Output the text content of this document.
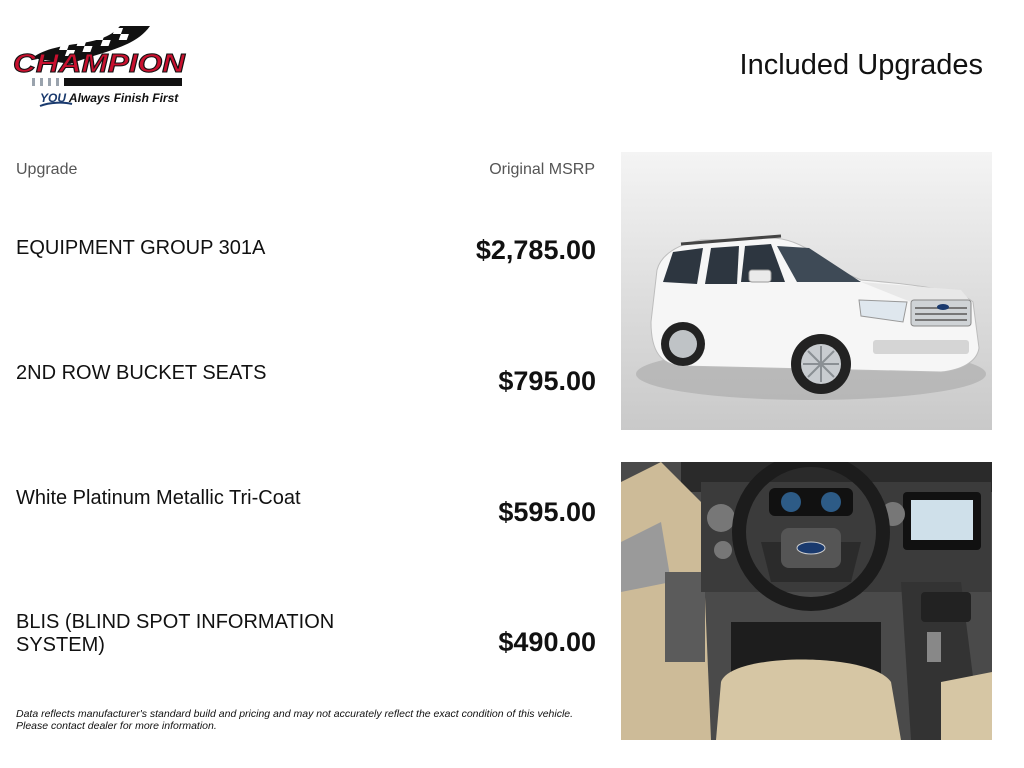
CHAMPION
YOU Always Finish First
Included Upgrades
Upgrade	Original MSRP
EQUIPMENT GROUP 301A	$2,785.00
2ND ROW BUCKET SEATS	$795.00
White Platinum Metallic Tri-Coat	$595.00
BLIS (BLIND SPOT INFORMATION SYSTEM)	$490.00
Data reflects manufacturer's standard build and pricing and may not accurately reflect the exact condition of this vehicle.
Please contact dealer for more information.
